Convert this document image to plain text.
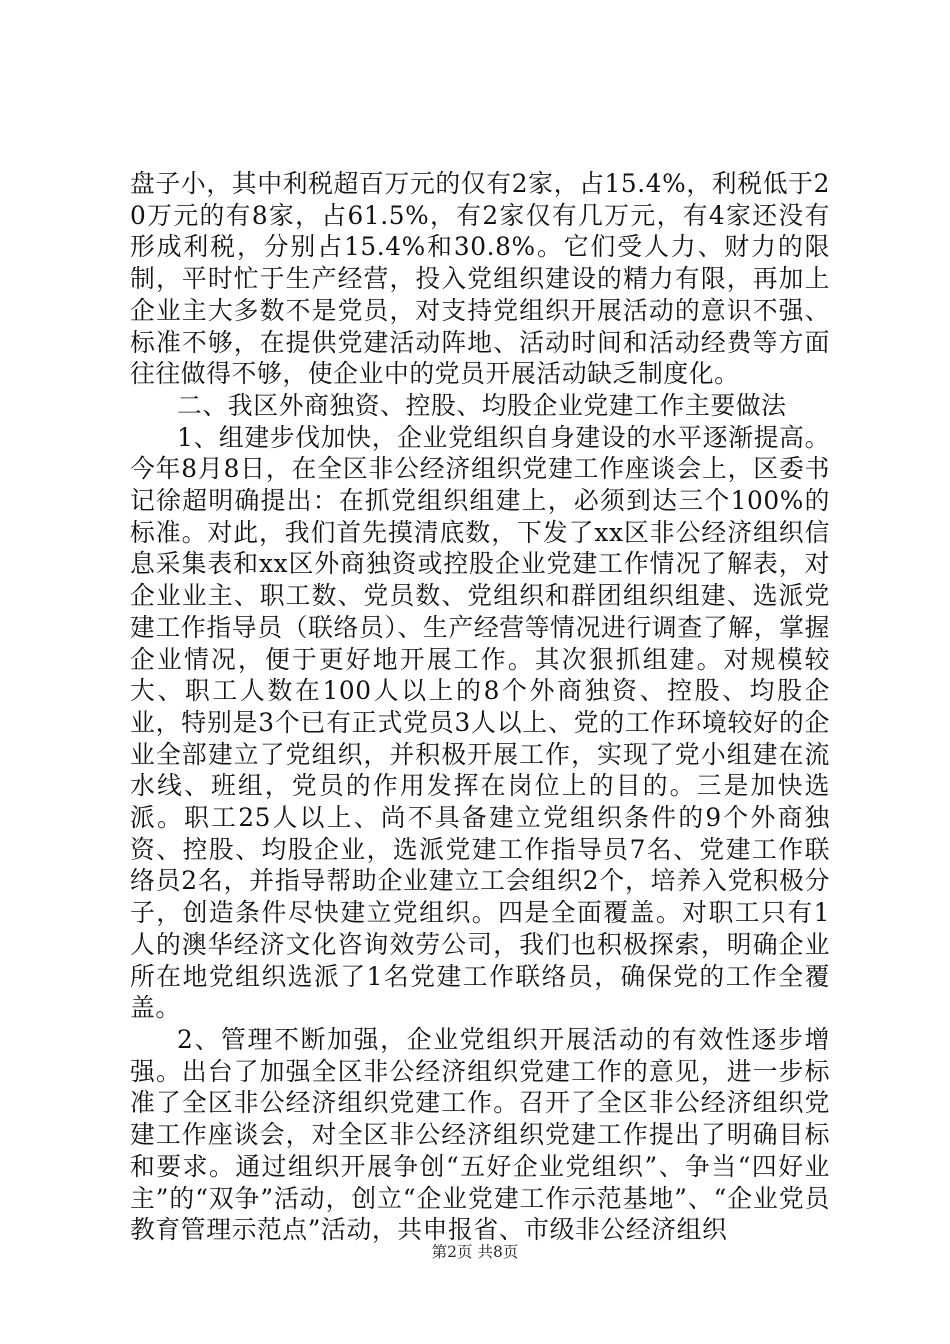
盘子小，其中利税超百万元的仅有2家，占15.4%，利税低于20万元的有8家，占61.5%，有2家仅有几万元，有4家还没有形成利税，分别占15.4%和30.8%。它们受人力、财力的限制，平时忙于生产经营，投入党组织建设的精力有限，再加上企业主大多数不是党员，对支持党组织开展活动的意识不强、标准不够，在提供党建活动阵地、活动时间和活动经费等方面往往做得不够，使企业中的党员开展活动缺乏制度化。

二、我区外商独资、控股、均股企业党建工作主要做法

1、组建步伐加快，企业党组织自身建设的水平逐渐提高。今年8月8日，在全区非公经济组织党建工作座谈会上，区委书记徐超明确提出：在抓党组织组建上，必须到达三个100%的标准。对此，我们首先摸清底数，下发了xx区非公经济组织信息采集表和xx区外商独资或控股企业党建工作情况了解表，对企业业主、职工数、党员数、党组织和群团组织组建、选派党建工作指导员（联络员）、生产经营等情况进行调查了解，掌握企业情况，便于更好地开展工作。其次狠抓组建。对规模较大、职工人数在100人以上的8个外商独资、控股、均股企业，特别是3个已有正式党员3人以上、党的工作环境较好的企业全部建立了党组织，并积极开展工作，实现了党小组建在流水线、班组，党员的作用发挥在岗位上的目的。三是加快选派。职工25人以上、尚不具备建立党组织条件的9个外商独资、控股、均股企业，选派党建工作指导员7名、党建工作联络员2名，并指导帮助企业建立工会组织2个，培养入党积极分子，创造条件尽快建立党组织。四是全面覆盖。对职工只有1人的澳华经济文化咨询效劳公司，我们也积极探索，明确企业所在地党组织选派了1名党建工作联络员，确保党的工作全覆盖。

2、管理不断加强，企业党组织开展活动的有效性逐步增强。出台了加强全区非公经济组织党建工作的意见，进一步标准了全区非公经济组织党建工作。召开了全区非公经济组织党建工作座谈会，对全区非公经济组织党建工作提出了明确目标和要求。通过组织开展争创“五好企业党组织”、争当“四好业主”的“双争”活动，创立“企业党建工作示范基地”、“企业党员教育管理示范点”活动，共申报省、市级非公经济组织

第2页 共8页
